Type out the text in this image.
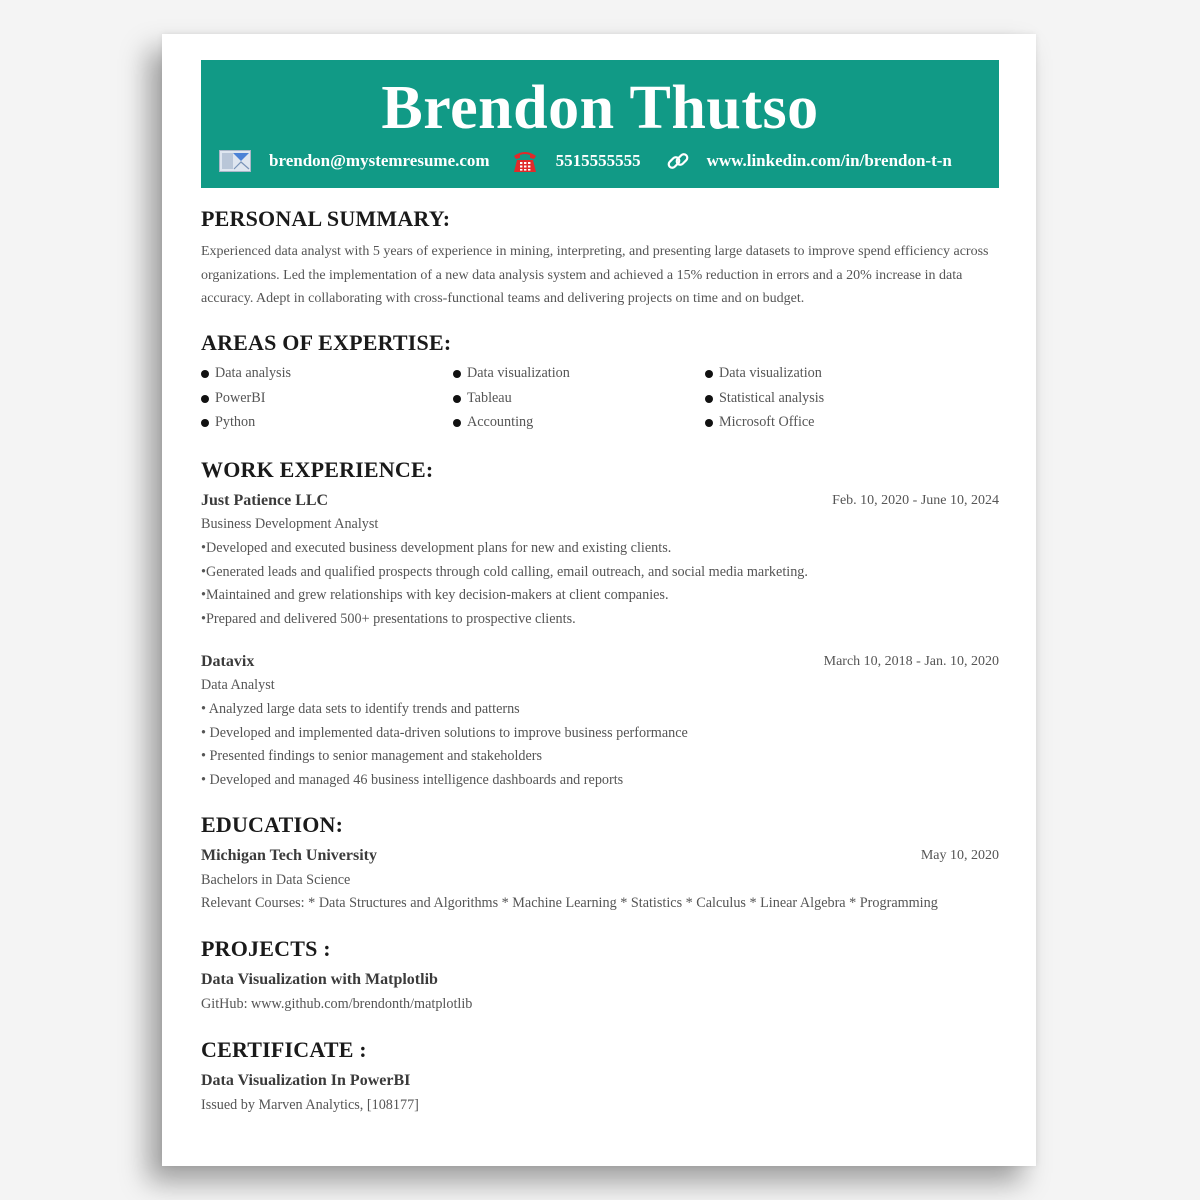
Brendon Thutso
brendon@mystemresume.com	5515555555	www.linkedin.com/in/brendon-t-n
PERSONAL SUMMARY:
Experienced data analyst with 5 years of experience in mining, interpreting, and presenting large datasets to improve spend efficiency across organizations. Led the implementation of a new data analysis system and achieved a 15% reduction in errors and a 20% increase in data accuracy. Adept in collaborating with cross-functional teams and delivering projects on time and on budget.
AREAS OF EXPERTISE:
Data analysis
PowerBI
Python
Data visualization
Tableau
Accounting
Data visualization
Statistical analysis
Microsoft Office
WORK EXPERIENCE:
Just Patience LLC	Feb. 10, 2020 - June 10, 2024
Business Development Analyst
•Developed and executed business development plans for new and existing clients.
•Generated leads and qualified prospects through cold calling, email outreach, and social media marketing.
•Maintained and grew relationships with key decision-makers at client companies.
•Prepared and delivered 500+ presentations to prospective clients.
Datavix	March 10, 2018 - Jan. 10, 2020
Data Analyst
• Analyzed large data sets to identify trends and patterns
• Developed and implemented data-driven solutions to improve business performance
• Presented findings to senior management and stakeholders
• Developed and managed 46 business intelligence dashboards and reports
EDUCATION:
Michigan Tech University	May 10, 2020
Bachelors in Data Science
Relevant Courses: * Data Structures and Algorithms * Machine Learning * Statistics * Calculus * Linear Algebra * Programming
PROJECTS :
Data Visualization with Matplotlib
GitHub: www.github.com/brendonth/matplotlib
CERTIFICATE :
Data Visualization In PowerBI
Issued by Marven Analytics, [108177]
